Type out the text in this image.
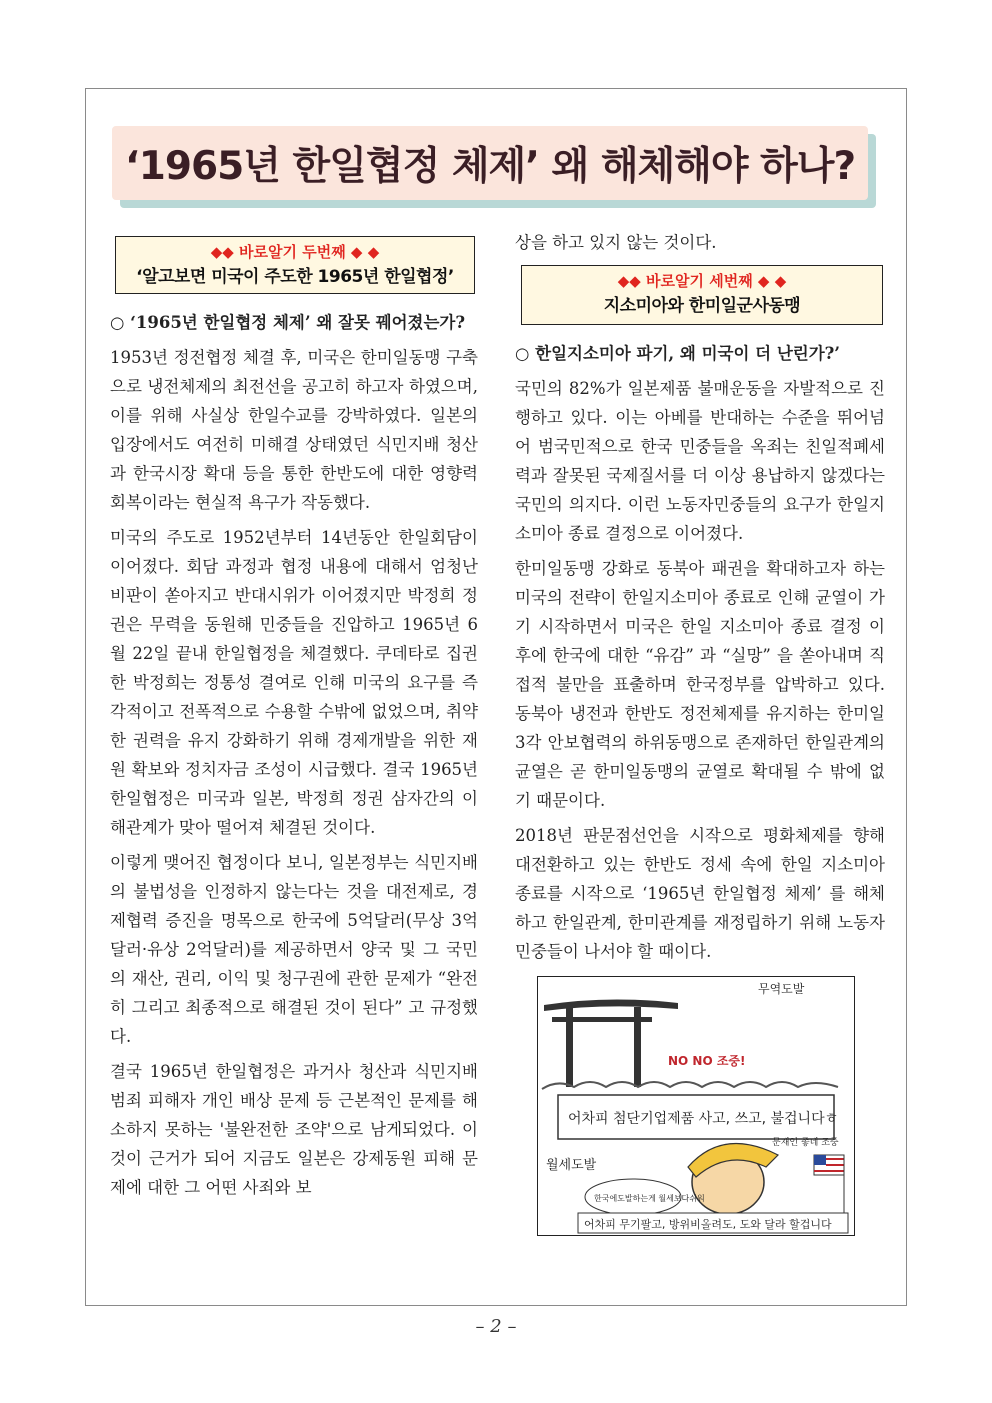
‘1965년 한일협정 체제’ 왜 해체해야 하나?
◆◆ 바로알기 두번째 ◆ ◆
‘알고보면 미국이 주도한 1965년 한일협정’
○ ‘1965년 한일협정 체제’ 왜 잘못 꿰어졌는가?

1953년 정전협정 체결 후, 미국은 한미일동맹 구축으로 냉전체제의 최전선을 공고히 하고자 하였으며, 이를 위해 사실상 한일수교를 강박하였다. 일본의 입장에서도 여전히 미해결 상태였던 식민지배 청산과 한국시장 확대 등을 통한 한반도에 대한 영향력 회복이라는 현실적 욕구가 작동했다.

미국의 주도로 1952년부터 14년동안 한일회담이 이어졌다. 회담 과정과 협정 내용에 대해서 엄청난 비판이 쏟아지고 반대시위가 이어졌지만 박정희 정권은 무력을 동원해 민중들을 진압하고 1965년 6월 22일 끝내 한일협정을 체결했다. 쿠데타로 집권한 박정희는 정통성 결여로 인해 미국의 요구를 즉각적이고 전폭적으로 수용할 수밖에 없었으며, 취약한 권력을 유지 강화하기 위해 경제개발을 위한 재원 확보와 정치자금 조성이 시급했다. 결국 1965년 한일협정은 미국과 일본, 박정희 정권 삼자간의 이해관계가 맞아 떨어져 체결된 것이다.

이렇게 맺어진 협정이다 보니, 일본정부는 식민지배의 불법성을 인정하지 않는다는 것을 대전제로, 경제협력 증진을 명목으로 한국에 5억달러(무상 3억달러·유상 2억달러)를 제공하면서 양국 및 그 국민의 재산, 권리, 이익 및 청구권에 관한 문제가 “완전히 그리고 최종적으로 해결된 것이 된다” 고 규정했다.

결국 1965년 한일협정은 과거사 청산과 식민지배범죄 피해자 개인 배상 문제 등 근본적인 문제를 해소하지 못하는 '불완전한 조약'으로 남게되었다. 이것이 근거가 되어 지금도 일본은 강제동원 피해 문제에 대한 그 어떤 사죄와 보

상을 하고 있지 않는 것이다.

◆◆ 바로알기 세번째 ◆ ◆
지소미아와 한미일군사동맹
○ 한일지소미아 파기, 왜 미국이 더 난린가?’

국민의 82%가 일본제품 불매운동을 자발적으로 진행하고 있다. 이는 아베를 반대하는 수준을 뛰어넘어 범국민적으로 한국 민중들을 옥죄는 친일적폐세력과 잘못된 국제질서를 더 이상 용납하지 않겠다는 국민의 의지다. 이런 노동자민중들의 요구가 한일지소미아 종료 결정으로 이어졌다.

한미일동맹 강화로 동북아 패권을 확대하고자 하는 미국의 전략이 한일지소미아 종료로 인해 균열이 가기 시작하면서 미국은 한일 지소미아 종료 결정 이후에 한국에 대한 “유감” 과 “실망” 을 쏟아내며 직접적 불만을 표출하며 한국정부를 압박하고 있다. 동북아 냉전과 한반도 정전체제를 유지하는 한미일 3각 안보협력의 하위동맹으로 존재하던 한일관계의 균열은 곧 한미일동맹의 균열로 확대될 수 밖에 없기 때문이다.

2018년 판문점선언을 시작으로 평화체제를 향해 대전환하고 있는 한반도 정세 속에 한일 지소미아 종료를 시작으로 ‘1965년 한일협정 체제’ 를 해체하고 한일관계, 한미관계를 재정립하기 위해 노동자민중들이 나서야 할 때이다.

어차피 첨단기업제품 사고, 쓰고, 불겁니다ㅎ
무역도발
NO NO 조중!
월세도발
한국에도발하는게 월세보다쉬워
문재인 좋네 조중
어차피 무기팔고, 방위비올려도, 도와 달라 할겁니다
– 2 –
